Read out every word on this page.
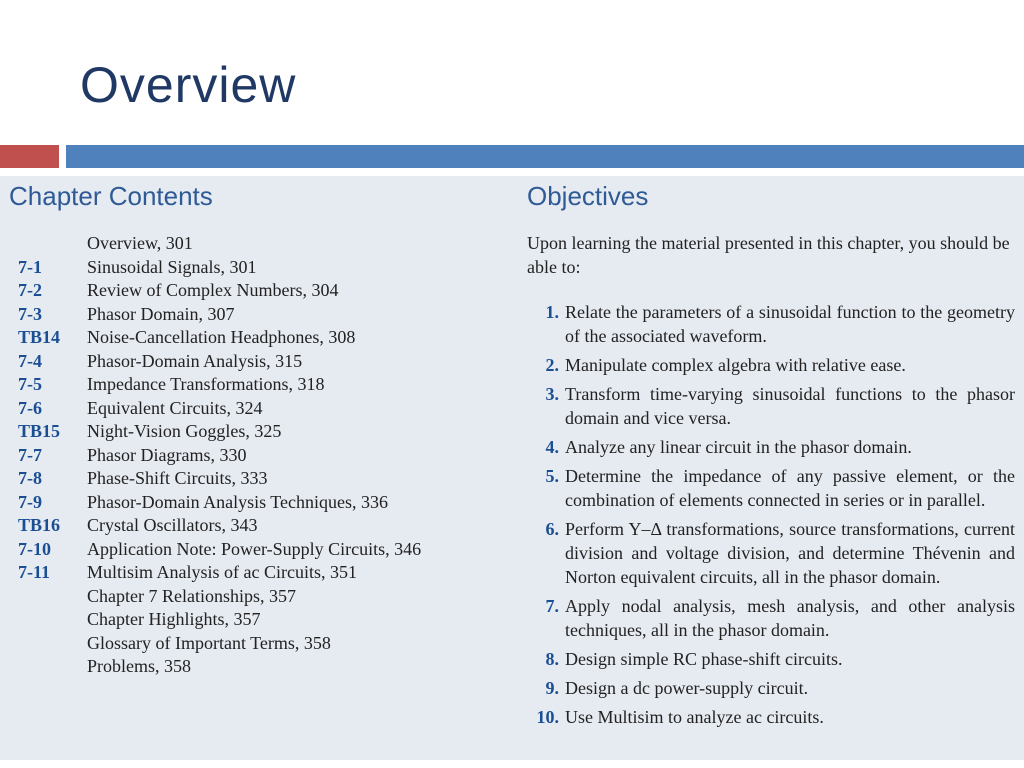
Overview
Chapter Contents
Overview, 301
7-1	Sinusoidal Signals, 301
7-2	Review of Complex Numbers, 304
7-3	Phasor Domain, 307
TB14 Noise-Cancellation Headphones, 308
7-4	Phasor-Domain Analysis, 315
7-5	Impedance Transformations, 318
7-6	Equivalent Circuits, 324
TB15 Night-Vision Goggles, 325
7-7	Phasor Diagrams, 330
7-8	Phase-Shift Circuits, 333
7-9	Phasor-Domain Analysis Techniques, 336
TB16 Crystal Oscillators, 343
7-10 Application Note: Power-Supply Circuits, 346
7-11 Multisim Analysis of ac Circuits, 351
Chapter 7 Relationships, 357
Chapter Highlights, 357
Glossary of Important Terms, 358
Problems, 358
Objectives

Upon learning the material presented in this chapter, you should be able to:

1. Relate the parameters of a sinusoidal function to the geometry of the associated waveform.
2. Manipulate complex algebra with relative ease.
3. Transform time-varying sinusoidal functions to the phasor domain and vice versa.
4. Analyze any linear circuit in the phasor domain.
5. Determine the impedance of any passive element, or the combination of elements connected in series or in parallel.
6. Perform Y–Δ transformations, source transformations, current division and voltage division, and determine Thévenin and Norton equivalent circuits, all in the phasor domain.
7. Apply nodal analysis, mesh analysis, and other analysis techniques, all in the phasor domain.
8. Design simple RC phase-shift circuits.
9. Design a dc power-supply circuit.
10. Use Multisim to analyze ac circuits.
